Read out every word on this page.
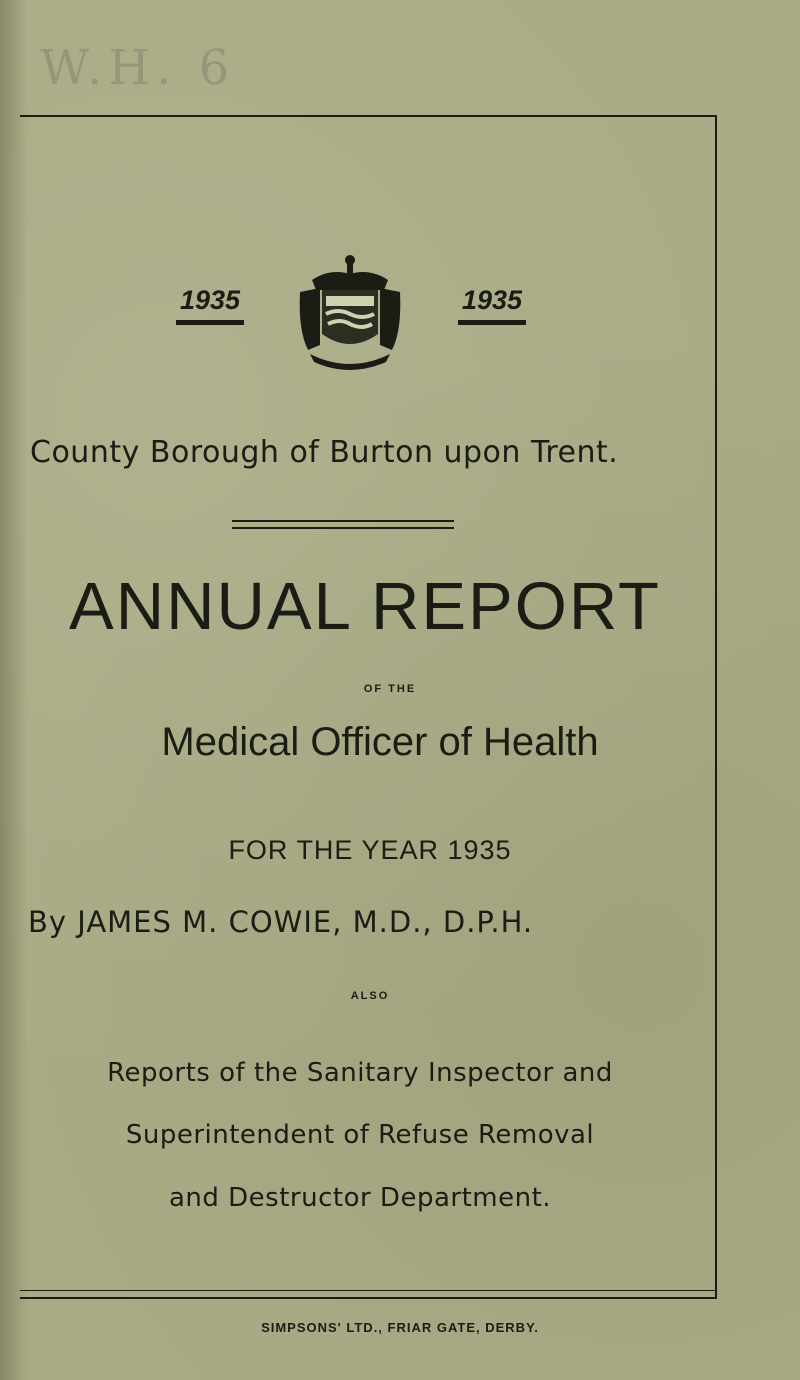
W.H. 6
1935	1935
County Borough of Burton upon Trent.
ANNUAL REPORT
OF THE
Medical Officer of Health
FOR THE YEAR 1935
By JAMES M. COWIE, M.D., D.P.H.
ALSO
Reports of the Sanitary Inspector and
Superintendent of Refuse Removal
and Destructor Department.
SIMPSONS' LTD., FRIAR GATE, DERBY.
